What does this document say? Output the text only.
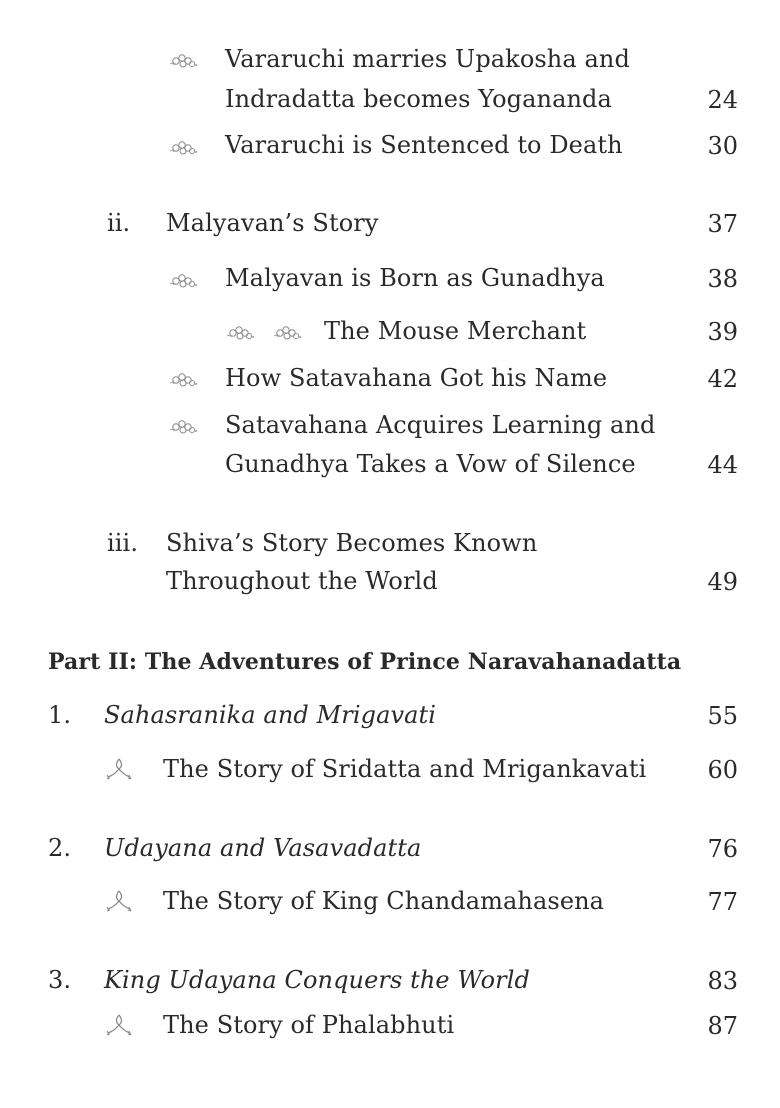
Vararuchi marries Upakosha and
Indradatta becomes Yogananda	24
Vararuchi is Sentenced to Death	30
ii. Malyavan’s Story	37
Malyavan is Born as Gunadhya	38
The Mouse Merchant	39
How Satavahana Got his Name	42
Satavahana Acquires Learning and
Gunadhya Takes a Vow of Silence	44
iii. Shiva’s Story Becomes Known
Throughout the World	49
Part II: The Adventures of Prince Naravahanadatta
1. Sahasranika and Mrigavati	55
The Story of Sridatta and Mrigankavati	60
2. Udayana and Vasavadatta	76
The Story of King Chandamahasena	77
3. King Udayana Conquers the World	83
The Story of Phalabhuti	87
